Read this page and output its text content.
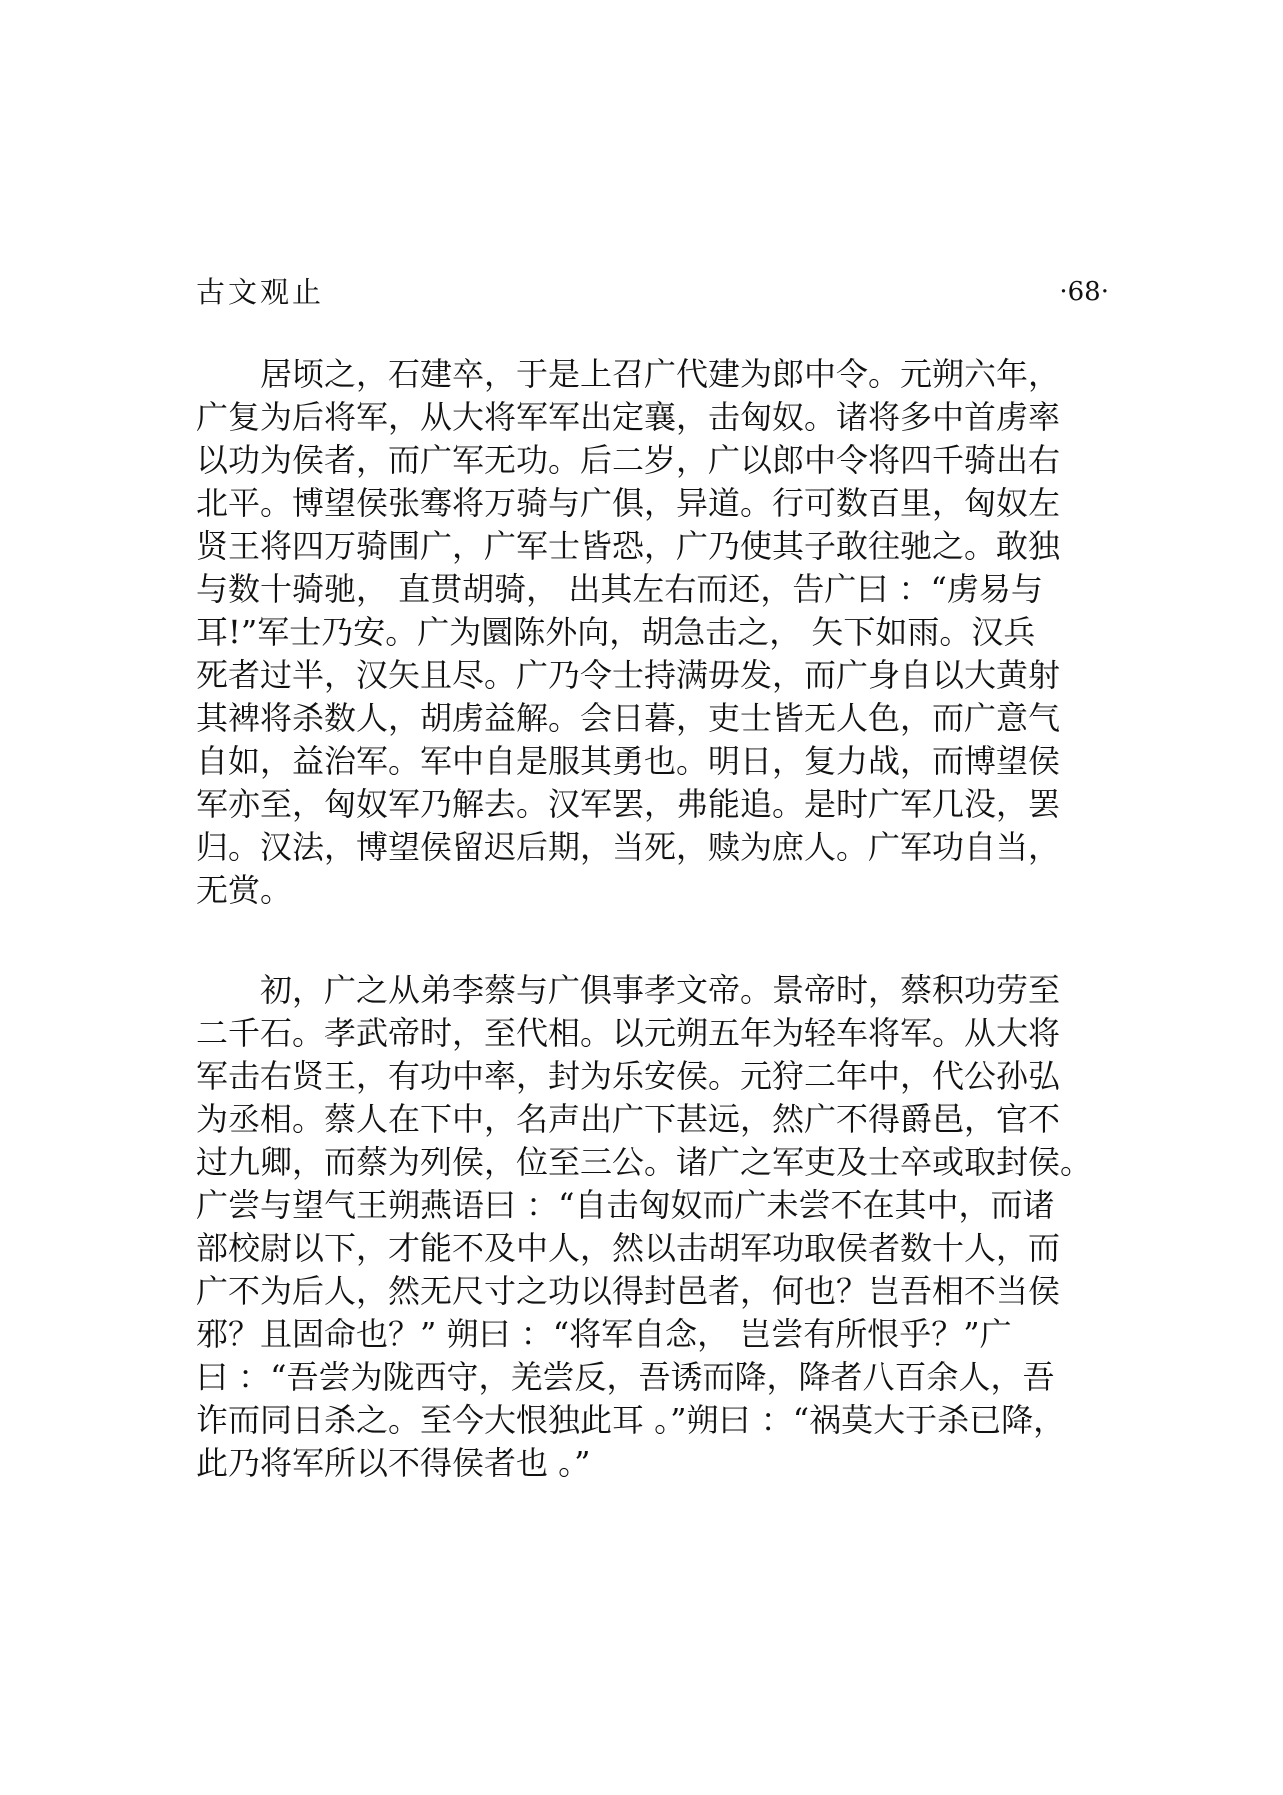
古文观止	·68·
居顷之，石建卒，于是上召广代建为郎中令。元朔六年，
广复为后将军，从大将军军出定襄，击匈奴。诸将多中首虏率
以功为侯者，而广军无功。后二岁，广以郎中令将四千骑出右
北平。博望侯张骞将万骑与广俱，异道。行可数百里，匈奴左
贤王将四万骑围广，广军士皆恐，广乃使其子敢往驰之。敢独
与数十骑驰， 直贯胡骑， 出其左右而还，告广曰 ：“虏易与
耳!”军士乃安。广为圜陈外向，胡急击之， 矢下如雨。汉兵
死者过半，汉矢且尽。广乃令士持满毋发，而广身自以大黄射
其裨将杀数人，胡虏益解。会日暮，吏士皆无人色，而广意气
自如，益治军。军中自是服其勇也。明日，复力战，而博望侯
军亦至，匈奴军乃解去。汉军罢，弗能追。是时广军几没，罢
归。汉法，博望侯留迟后期，当死，赎为庶人。广军功自当，
无赏。
初，广之从弟李蔡与广俱事孝文帝。景帝时，蔡积功劳至
二千石。孝武帝时，至代相。以元朔五年为轻车将军。从大将
军击右贤王，有功中率，封为乐安侯。元狩二年中，代公孙弘
为丞相。蔡人在下中，名声出广下甚远，然广不得爵邑，官不
过九卿，而蔡为列侯，位至三公。诸广之军吏及士卒或取封侯。
广尝与望气王朔燕语曰 ：“自击匈奴而广未尝不在其中，而诸
部校尉以下，才能不及中人，然以击胡军功取侯者数十人，而
广不为后人，然无尺寸之功以得封邑者，何也？岂吾相不当侯
邪？且固命也？” 朔曰 ：“将军自念， 岂尝有所恨乎？”广
曰 ：“吾尝为陇西守，羌尝反，吾诱而降，降者八百余人，吾
诈而同日杀之。至今大恨独此耳 。”朔曰 ：“祸莫大于杀已降，
此乃将军所以不得侯者也 。”
